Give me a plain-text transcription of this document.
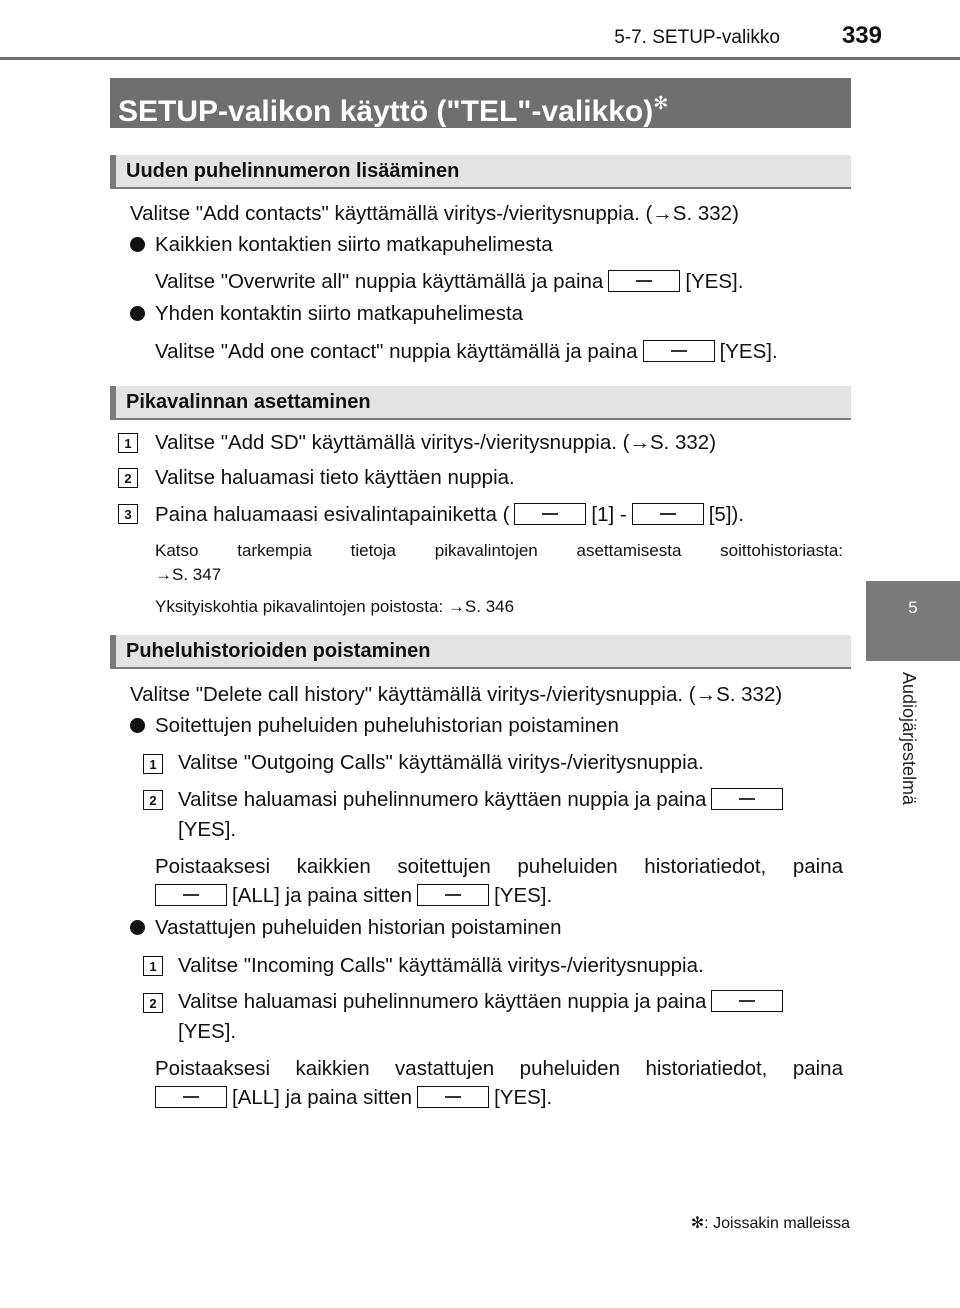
5-7. SETUP-valikko	339
5
Audiojärjestelmä
SETUP-valikon käyttö ("TEL"-valikko)✻
Uuden puhelinnumeron lisääminen
Valitse "Add contacts" käyttämällä viritys-/vieritysnuppia. (→S. 332)
Kaikkien kontaktien siirto matkapuhelimesta
Valitse "Overwrite all" nuppia käyttämällä ja paina	[YES].
Yhden kontaktin siirto matkapuhelimesta
Valitse "Add one contact" nuppia käyttämällä ja paina	[YES].
Pikavalinnan asettaminen
1	Valitse "Add SD" käyttämällä viritys-/vieritysnuppia. (→S. 332)
2	Valitse haluamasi tieto käyttäen nuppia.
3	Paina haluamaasi esivalintapainiketta (	[1] -	[5]).
Katso tarkempia tietoja pikavalintojen asettamisesta soittohistoriasta:
→S. 347
Yksityiskohtia pikavalintojen poistosta: →S. 346
Puheluhistorioiden poistaminen
Valitse "Delete call history" käyttämällä viritys-/vieritysnuppia. (→S. 332)
Soitettujen puheluiden puheluhistorian poistaminen
1	Valitse "Outgoing Calls" käyttämällä viritys-/vieritysnuppia.
2	Valitse haluamasi puhelinnumero käyttäen nuppia ja paina
[YES].
Poistaaksesi kaikkien soitettujen puheluiden historiatiedot, paina
[ALL] ja paina sitten	[YES].
Vastattujen puheluiden historian poistaminen
1	Valitse "Incoming Calls" käyttämällä viritys-/vieritysnuppia.
2	Valitse haluamasi puhelinnumero käyttäen nuppia ja paina
[YES].
Poistaaksesi kaikkien vastattujen puheluiden historiatiedot, paina
[ALL] ja paina sitten	[YES].
✻: Joissakin malleissa
